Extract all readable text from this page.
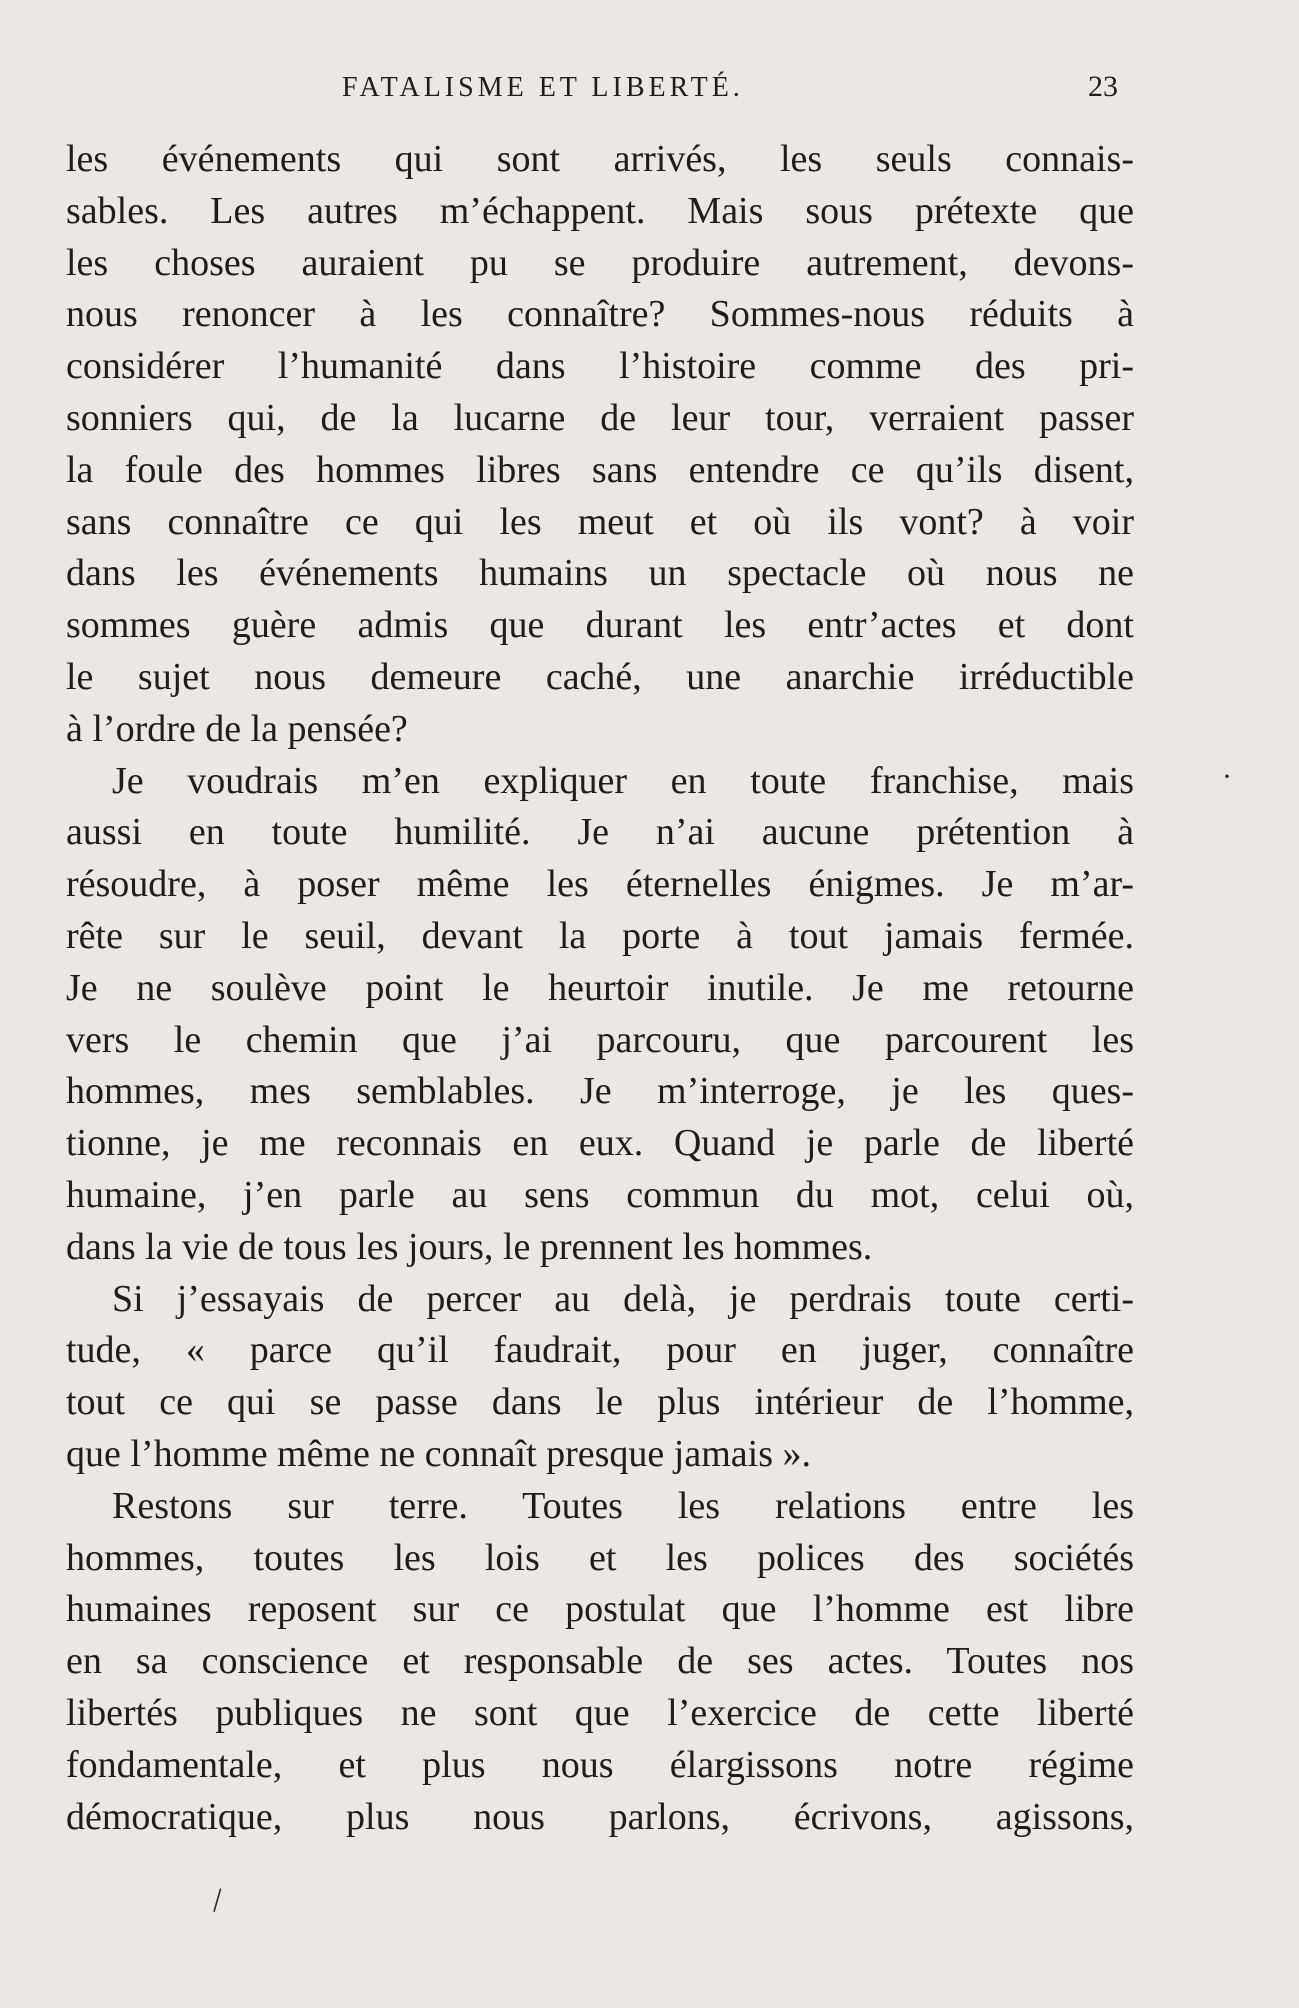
FATALISME ET LIBERTÉ.	23
les événements qui sont arrivés, les seuls connais-
sables. Les autres m’échappent. Mais sous prétexte que
les choses auraient pu se produire autrement, devons-
nous renoncer à les connaître? Sommes-nous réduits à
considérer l’humanité dans l’histoire comme des pri-
sonniers qui, de la lucarne de leur tour, verraient passer
la foule des hommes libres sans entendre ce qu’ils disent,
sans connaître ce qui les meut et où ils vont? à voir
dans les événements humains un spectacle où nous ne
sommes guère admis que durant les entr’actes et dont
le sujet nous demeure caché, une anarchie irréductible
à l’ordre de la pensée?
Je voudrais m’en expliquer en toute franchise, mais
aussi en toute humilité. Je n’ai aucune prétention à
résoudre, à poser même les éternelles énigmes. Je m’ar-
rête sur le seuil, devant la porte à tout jamais fermée.
Je ne soulève point le heurtoir inutile. Je me retourne
vers le chemin que j’ai parcouru, que parcourent les
hommes, mes semblables. Je m’interroge, je les ques-
tionne, je me reconnais en eux. Quand je parle de liberté
humaine, j’en parle au sens commun du mot, celui où,
dans la vie de tous les jours, le prennent les hommes.
Si j’essayais de percer au delà, je perdrais toute certi-
tude, « parce qu’il faudrait, pour en juger, connaître
tout ce qui se passe dans le plus intérieur de l’homme,
que l’homme même ne connaît presque jamais ».
Restons sur terre. Toutes les relations entre les
hommes, toutes les lois et les polices des sociétés
humaines reposent sur ce postulat que l’homme est libre
en sa conscience et responsable de ses actes. Toutes nos
libertés publiques ne sont que l’exercice de cette liberté
fondamentale, et plus nous élargissons notre régime
démocratique, plus nous parlons, écrivons, agissons,
·
\
